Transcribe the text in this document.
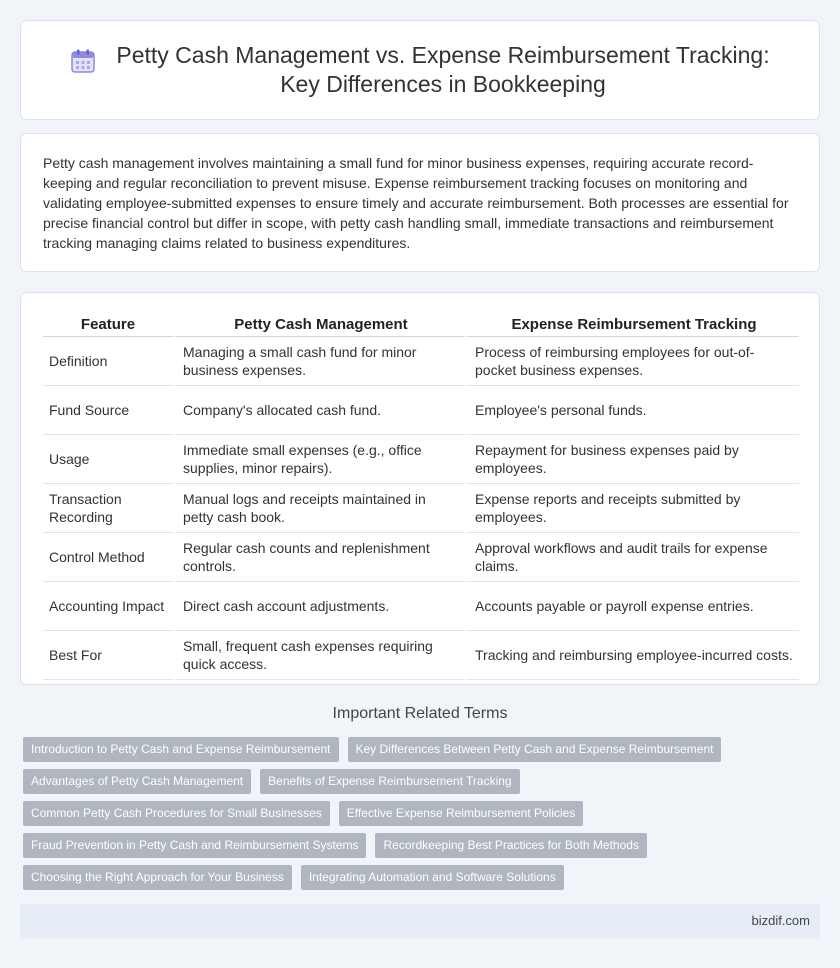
Petty Cash Management vs. Expense Reimbursement Tracking:
Key Differences in Bookkeeping

Petty cash management involves maintaining a small fund for minor business expenses, requiring accurate record-keeping and regular reconciliation to prevent misuse. Expense reimbursement tracking focuses on monitoring and validating employee-submitted expenses to ensure timely and accurate reimbursement. Both processes are essential for precise financial control but differ in scope, with petty cash handling small, immediate transactions and reimbursement tracking managing claims related to business expenditures.

Feature	Petty Cash Management	Expense Reimbursement Tracking
Definition	Managing a small cash fund for minor business expenses.	Process of reimbursing employees for out-of-pocket business expenses.
Fund Source	Company's allocated cash fund.	Employee's personal funds.
Usage	Immediate small expenses (e.g., office supplies, minor repairs).	Repayment for business expenses paid by employees.
Transaction Recording	Manual logs and receipts maintained in petty cash book.	Expense reports and receipts submitted by employees.
Control Method	Regular cash counts and replenishment controls.	Approval workflows and audit trails for expense claims.
Accounting Impact	Direct cash account adjustments.	Accounts payable or payroll expense entries.
Best For	Small, frequent cash expenses requiring quick access.	Tracking and reimbursing employee-incurred costs.
Important Related Terms
Introduction to Petty Cash and Expense Reimbursement	Key Differences Between Petty Cash and Expense Reimbursement
Advantages of Petty Cash Management	Benefits of Expense Reimbursement Tracking
Common Petty Cash Procedures for Small Businesses	Effective Expense Reimbursement Policies
Fraud Prevention in Petty Cash and Reimbursement Systems	Recordkeeping Best Practices for Both Methods
Choosing the Right Approach for Your Business	Integrating Automation and Software Solutions
bizdif.com
